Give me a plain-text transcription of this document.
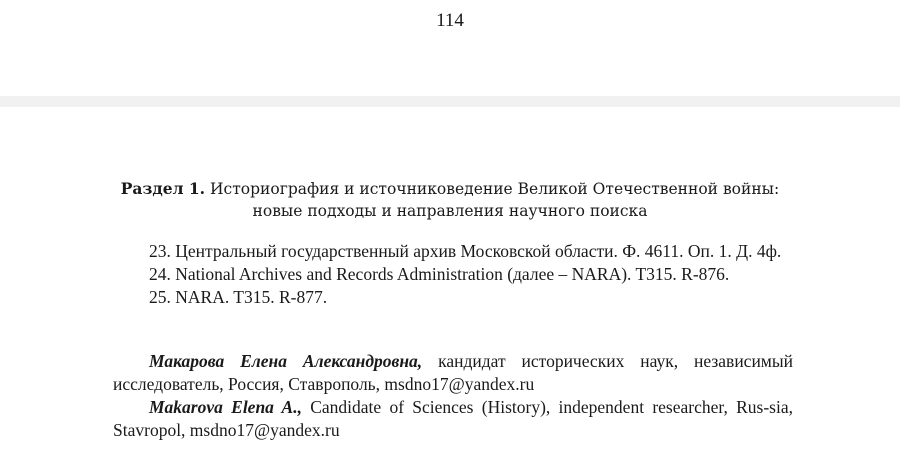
114
Раздел 1. Историография и источниковедение Великой Отечественной войны:
новые подходы и направления научного поиска

23. Центральный государственный архив Московской области. Ф. 4611. Оп. 1. Д. 4ф.

24. National Archives and Records Administration (далее – NARA). T315. R-876.

25. NARA. T315. R-877.

Макарова Елена Александровна, кандидат исторических наук, независимый исследователь, Россия, Ставрополь, msdno17@yandex.ru

Makarova Elena A., Candidate of Sciences (History), independent researcher, Rus-sia, Stavropol, msdno17@yandex.ru
